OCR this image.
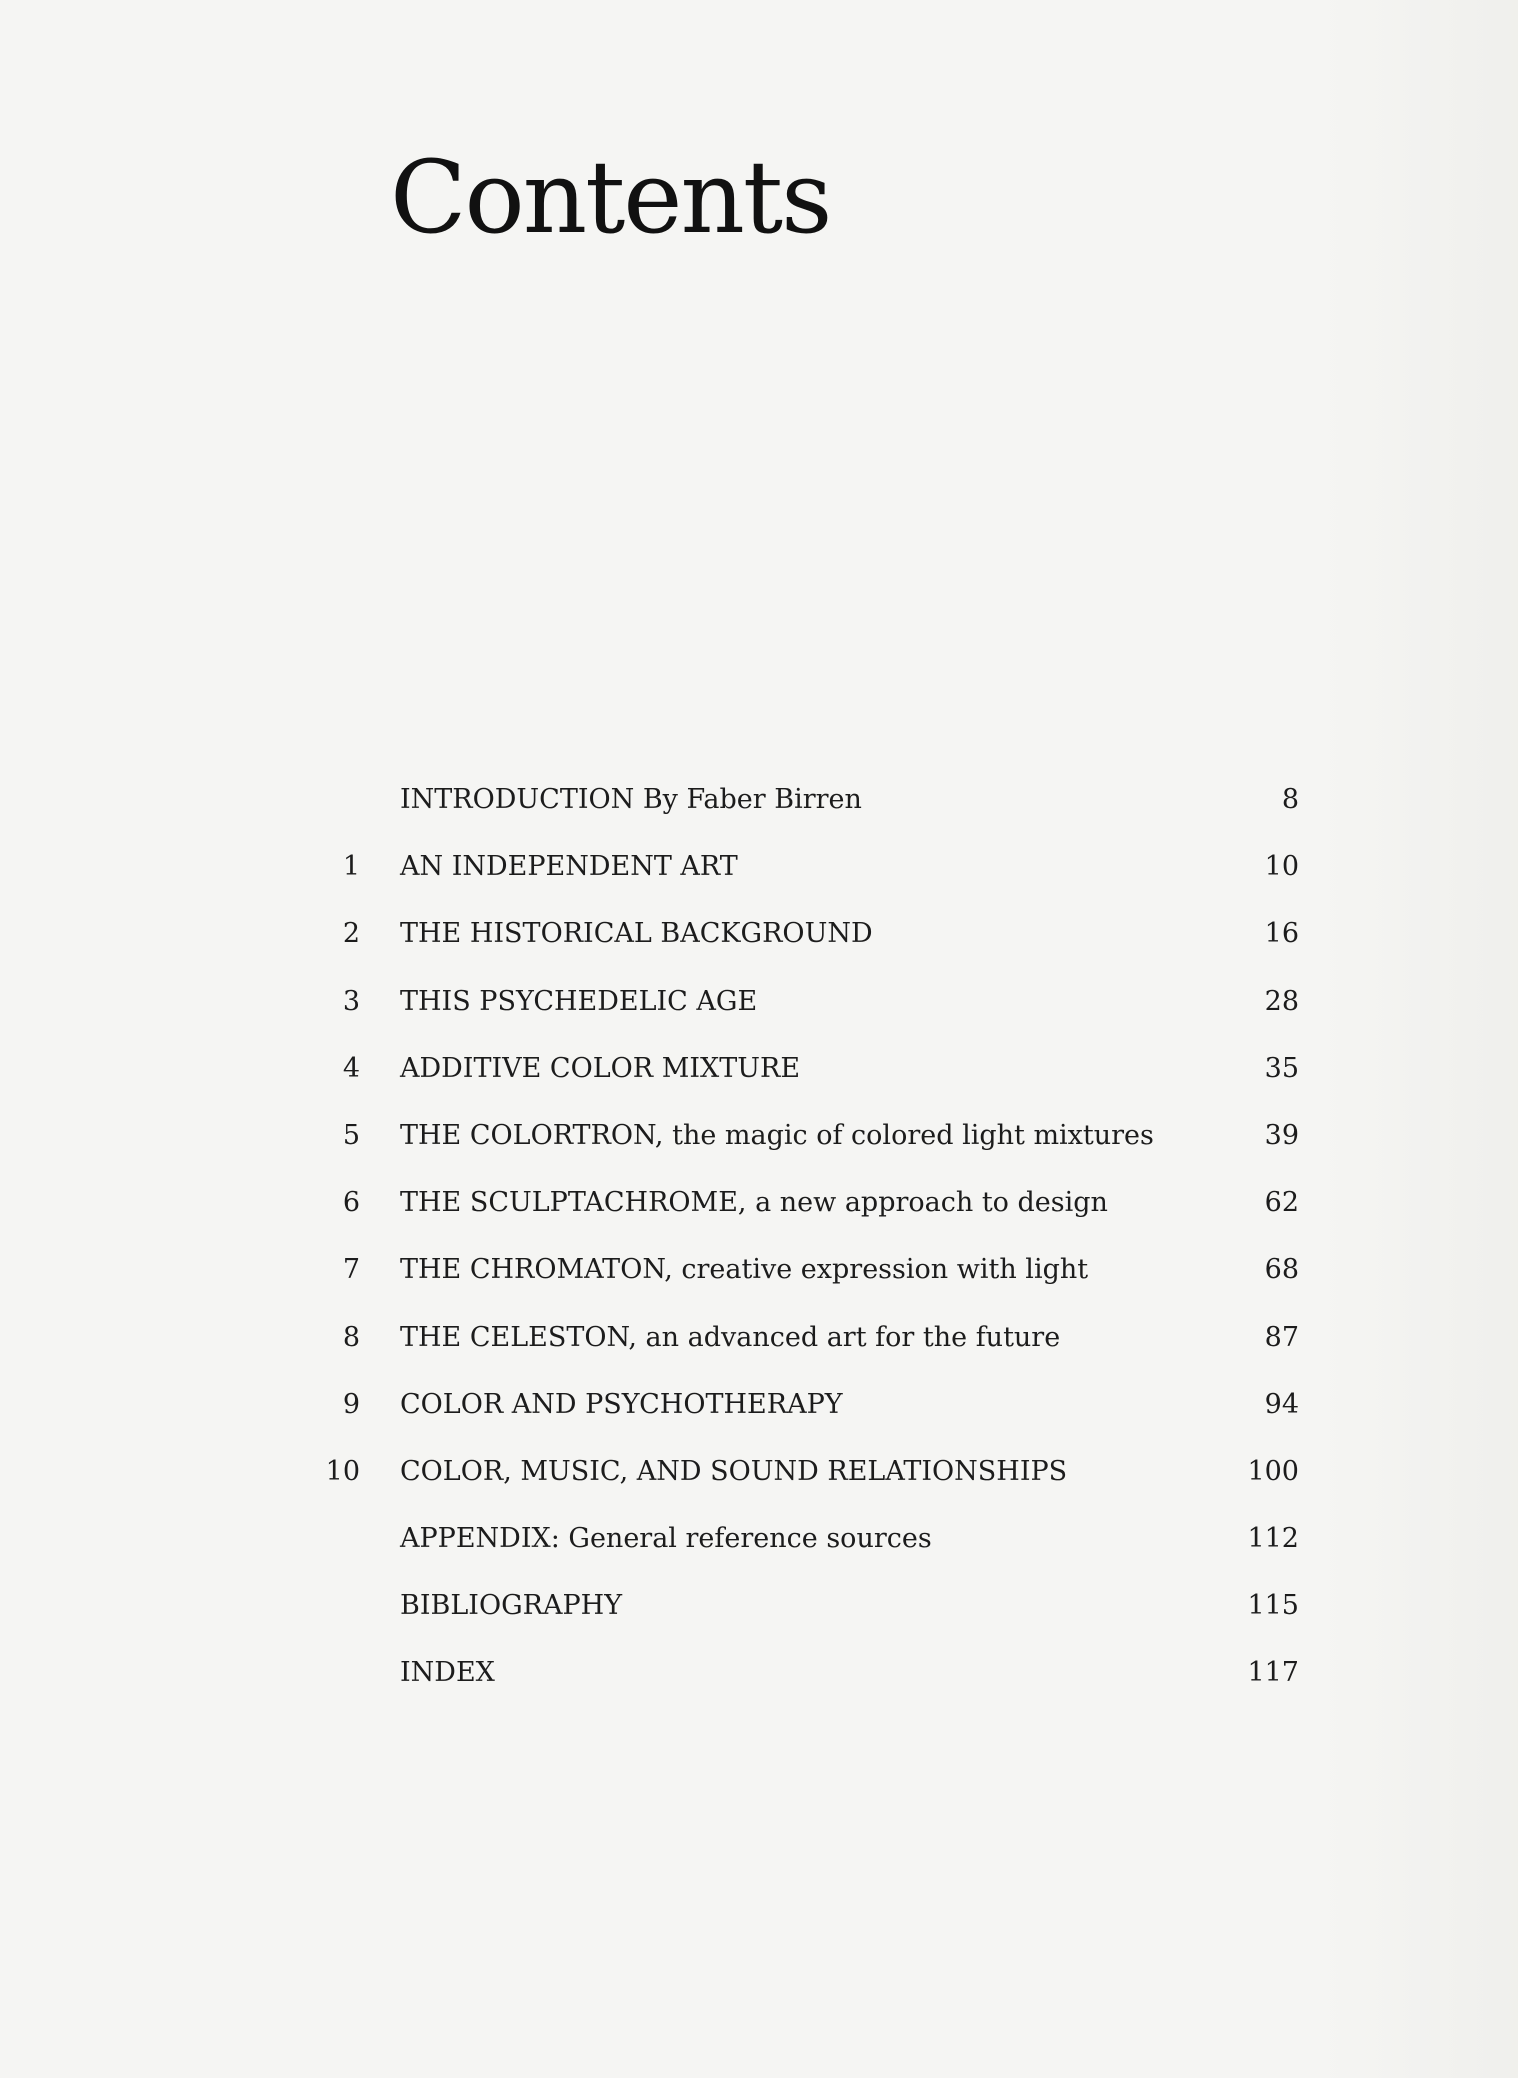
Contents
INTRODUCTION By Faber Birren	8
1 AN INDEPENDENT ART	10
2 THE HISTORICAL BACKGROUND	16
3 THIS PSYCHEDELIC AGE	28
4 ADDITIVE COLOR MIXTURE	35
5 THE COLORTRON, the magic of colored light mixtures	39
6 THE SCULPTACHROME, a new approach to design	62
7 THE CHROMATON, creative expression with light	68
8 THE CELESTON, an advanced art for the future	87
9 COLOR AND PSYCHOTHERAPY	94
10 COLOR, MUSIC, AND SOUND RELATIONSHIPS	100
APPENDIX: General reference sources	112
BIBLIOGRAPHY	115
INDEX	117
